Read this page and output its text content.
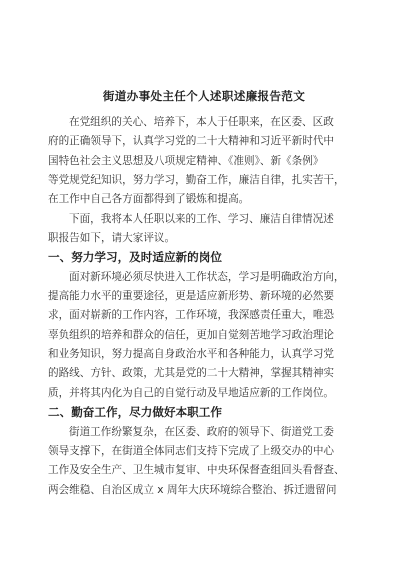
街道办事处主任个人述职述廉报告范文
在党组织的关心、培养下，本人于任职来，在区委、区政
府的正确领导下，认真学习党的二十大精神和习近平新时代中
国特色社会主义思想及八项规定精神、《准则》、新《条例》
等党规党纪知识，努力学习，勤奋工作，廉洁自律，扎实苦干，
在工作中自己各方面都得到了锻炼和提高。
下面，我将本人任职以来的工作、学习、廉洁自律情况述
职报告如下，请大家评议。
一、努力学习，及时适应新的岗位
面对新环境必须尽快进入工作状态，学习是明确政治方向，
提高能力水平的重要途径，更是适应新形势、新环境的必然要
求，面对崭新的工作内容，工作环境，我深感责任重大，唯恐
辜负组织的培养和群众的信任，更加自觉刻苦地学习政治理论
和业务知识，努力提高自身政治水平和各种能力，认真学习党
的路线、方针、政策，尤其是党的二十大精神，掌握其精神实
质，并将其内化为自己的自觉行动及早地适应新的工作岗位。
二、勤奋工作，尽力做好本职工作
街道工作纷繁复杂，在区委、政府的领导下、街道党工委
领导支撑下，在街道全体同志们支持下完成了上级交办的中心
工作及安全生产、卫生城市复审、中央环保督查组回头看督查、
两会维稳、自治区成立 x 周年大庆环境综合整治、拆迁遗留问
